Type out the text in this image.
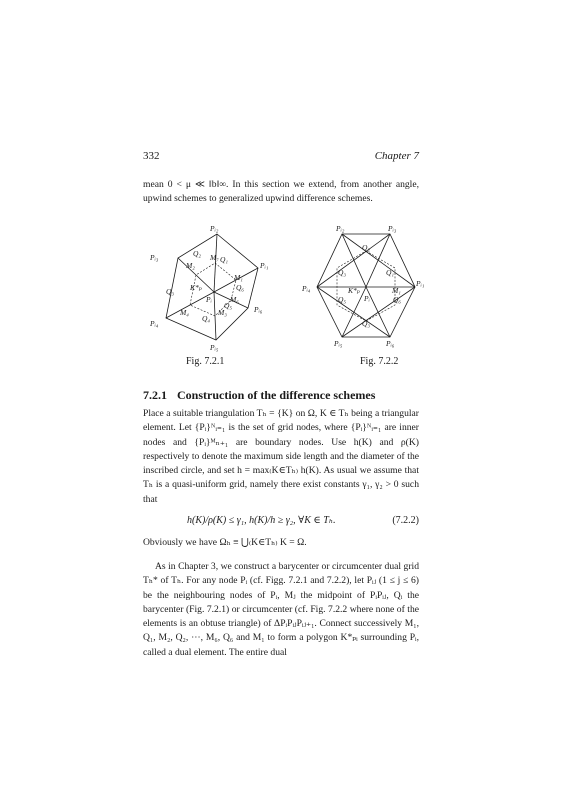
332	Chapter 7

mean 0 < μ ≪ ‖b‖∞. In this section we extend, from another angle, upwind schemes to generalized upwind difference schemes.

Pᵢ₂
Pᵢ₃
Pᵢ₁
Pᵢ₆
Pᵢ₄
Pᵢ₅
Pᵢ
K*ₚ
Q₂
Q₁
M₇
M₂
M₁
Q₆
M₆
Q₃
M₄
Q₄
M₃
Q₅
Fig. 7.2.1
Pᵢ₂	Pᵢ₃
Pᵢ₄
Pᵢ₁
Pᵢ₅	Pᵢ₆
Pᵢ
K*ₚ
Q₂
Q₃	Q₁
M₁
Q₆
Q₅
Q₃
Fig. 7.2.2
7.2.1 Construction of the difference schemes

Place a suitable triangulation Tₕ = {K} on Ω, K ∈ Tₕ being a triangular element. Let {Pᵢ}ᴺᵢ₌₁ is the set of grid nodes, where {Pᵢ}ᴺᵢ₌₁ are inner nodes and {Pᵢ}ᴹₙ₊₁ are boundary nodes. Use h(K) and ρ(K) respectively to denote the maximum side length and the diameter of the inscribed circle, and set h = max₍K∈Tₕ₎ h(K). As usual we assume that Tₕ is a quasi-uniform grid, namely there exist constants γ₁, γ₂ > 0 such that

h(K)/ρ(K) ≤ γ₁, h(K)/h ≥ γ₂, ∀K ∈ Tₕ.	(7.2.2)

Obviously we have Ωₕ ≡ ⋃₍K∈Tₕ₎ K = Ω.

As in Chapter 3, we construct a barycenter or circumcenter dual grid Tₕ* of Tₕ. For any node Pᵢ (cf. Figg. 7.2.1 and 7.2.2), let Pᵢⱼ (1 ≤ j ≤ 6) be the neighbouring nodes of Pᵢ, Mⱼ the midpoint of PᵢPᵢⱼ, Qᵢ the barycenter (Fig. 7.2.1) or circumcenter (cf. Fig. 7.2.2 where none of the elements is an obtuse triangle) of ΔPᵢPᵢⱼPᵢⱼ₊₁. Connect successively M₁, Q₁, M₂, Q₂, ⋯, M₆, Q₆ and M₁ to form a polygon K*ₚᵢ surrounding Pᵢ, called a dual element. The entire dual
